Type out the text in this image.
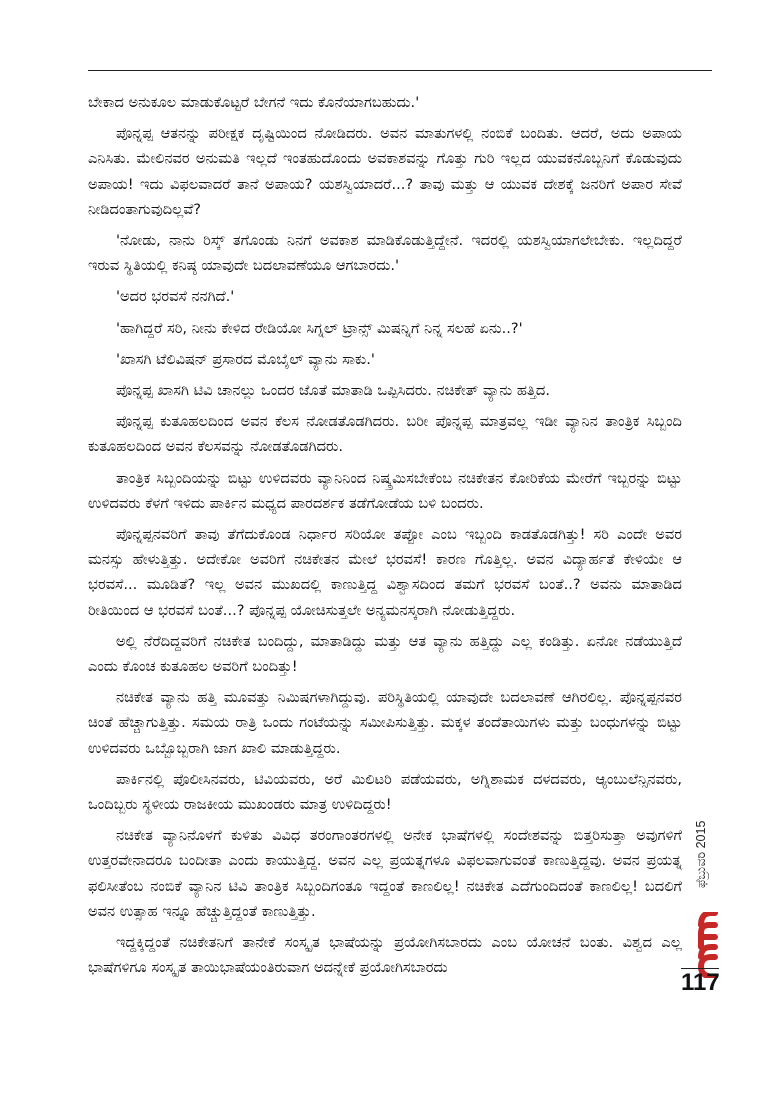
ಬೇಕಾದ ಅನುಕೂಲ ಮಾಡುಕೊಟ್ಟರೆ ಬೇಗನೆ ಇದು ಕೊನೆಯಾಗಬಹುದು.'

ಪೊನ್ನಪ್ಪ ಆತನನ್ನು ಪರೀಕ್ಷಕ ದೃಷ್ಟಿಯಿಂದ ನೋಡಿದರು. ಅವನ ಮಾತುಗಳಲ್ಲಿ ನಂಬಿಕೆ ಬಂದಿತು. ಆದರೆ, ಅದು ಅಪಾಯ ಎನಿಸಿತು. ಮೇಲಿನವರ ಅನುಮತಿ ಇಲ್ಲದೆ ಇಂತಹುದೊಂದು ಅವಕಾಶವನ್ನು ಗೊತ್ತು ಗುರಿ ಇಲ್ಲದ ಯುವಕನೊಬ್ಬನಿಗೆ ಕೊಡುವುದು ಅಪಾಯ! ಇದು ವಿಫಲವಾದರೆ ತಾನೆ ಅಪಾಯ? ಯಶಸ್ವಿಯಾದರೆ...? ತಾವು ಮತ್ತು ಆ ಯುವಕ ದೇಶಕ್ಕೆ ಜನರಿಗೆ ಅಪಾರ ಸೇವೆ ನೀಡಿದಂತಾಗುವುದಿಲ್ಲವೆ?

'ನೋಡು, ನಾನು ರಿಸ್ಕ್ ತಗೊಂಡು ನಿನಗೆ ಅವಕಾಶ ಮಾಡಿಕೊಡುತ್ತಿದ್ದೇನೆ. ಇದರಲ್ಲಿ ಯಶಸ್ವಿಯಾಗಲೇಬೇಕು. ಇಲ್ಲದಿದ್ದರೆ ಇರುವ ಸ್ಥಿತಿಯಲ್ಲಿ ಕನಿಷ್ಠ ಯಾವುದೇ ಬದಲಾವಣೆಯೂ ಆಗಬಾರದು.'

'ಅದರ ಭರವಸೆ ನನಗಿದೆ.'

'ಹಾಗಿದ್ದರೆ ಸರಿ, ನೀನು ಕೇಳಿದ ರೇಡಿಯೋ ಸಿಗ್ನಲ್ ಟ್ರಾನ್ಸ್ ಮಿಷನ್ನಿಗೆ ನಿನ್ನ ಸಲಹೆ ಏನು..?'

'ಖಾಸಗಿ ಟೆಲಿವಿಷನ್ ಪ್ರಸಾರದ ಮೊಬೈಲ್ ವ್ಯಾನು ಸಾಕು.'

ಪೊನ್ನಪ್ಪ ಖಾಸಗಿ ಟಿವಿ ಚಾನಲ್ಲು ಒಂದರ ಜೊತೆ ಮಾತಾಡಿ ಒಪ್ಪಿಸಿದರು. ನಚಿಕೇತ್ ವ್ಯಾನು ಹತ್ತಿದ.

ಪೊನ್ನಪ್ಪ ಕುತೂಹಲದಿಂದ ಅವನ ಕೆಲಸ ನೋಡತೊಡಗಿದರು. ಬರೀ ಪೊನ್ನಪ್ಪ ಮಾತ್ರವಲ್ಲ ಇಡೀ ವ್ಯಾನಿನ ತಾಂತ್ರಿಕ ಸಿಬ್ಬಂದಿ ಕುತೂಹಲದಿಂದ ಅವನ ಕೆಲಸವನ್ನು ನೋಡತೊಡಗಿದರು.

ತಾಂತ್ರಿಕ ಸಿಬ್ಬಂದಿಯನ್ನು ಬಿಟ್ಟು ಉಳಿದವರು ವ್ಯಾನಿನಿಂದ ನಿಷ್ಕ್ರಮಿಸಬೇಕೆಂಬ ನಚಿಕೇತನ ಕೋರಿಕೆಯ ಮೇರೆಗೆ ಇಬ್ಬರನ್ನು ಬಿಟ್ಟು ಉಳಿದವರು ಕೆಳಗೆ ಇಳಿದು ಪಾರ್ಕಿನ ಮಧ್ಯದ ಪಾರದರ್ಶಕ ತಡೆಗೋಡೆಯ ಬಳಿ ಬಂದರು.

ಪೊನ್ನಪ್ಪನವರಿಗೆ ತಾವು ತೆಗೆದುಕೊಂಡ ನಿರ್ಧಾರ ಸರಿಯೋ ತಪ್ಪೋ ಎಂಬ ಇಬ್ಬಂದಿ ಕಾಡತೊಡಗಿತ್ತು! ಸರಿ ಎಂದೇ ಅವರ ಮನಸ್ಸು ಹೇಳುತ್ತಿತ್ತು. ಅದೇಕೋ ಅವರಿಗೆ ನಚಿಕೇತನ ಮೇಲೆ ಭರವಸೆ! ಕಾರಣ ಗೊತ್ತಿಲ್ಲ. ಅವನ ವಿದ್ಯಾರ್ಹತೆ ಕೇಳಿಯೇ ಆ ಭರವಸೆ... ಮೂಡಿತೆ? ಇಲ್ಲ ಅವನ ಮುಖದಲ್ಲಿ ಕಾಣುತ್ತಿದ್ದ ವಿಶ್ವಾಸದಿಂದ ತಮಗೆ ಭರವಸೆ ಬಂತೆ..? ಅವನು ಮಾತಾಡಿದ ರೀತಿಯಿಂದ ಆ ಭರವಸೆ ಬಂತೆ...? ಪೊನ್ನಪ್ಪ ಯೋಚಿಸುತ್ತಲೇ ಅನ್ಯಮನಸ್ಕರಾಗಿ ನೋಡುತ್ತಿದ್ದರು.

ಅಲ್ಲಿ ನೆರೆದಿದ್ದವರಿಗೆ ನಚಿಕೇತ ಬಂದಿದ್ದು, ಮಾತಾಡಿದ್ದು ಮತ್ತು ಆತ ವ್ಯಾನು ಹತ್ತಿದ್ದು ಎಲ್ಲ ಕಂಡಿತ್ತು. ಏನೋ ನಡೆಯುತ್ತಿದೆ ಎಂದು ಕೊಂಚ ಕುತೂಹಲ ಅವರಿಗೆ ಬಂದಿತ್ತು!

ನಚಿಕೇತ ವ್ಯಾನು ಹತ್ತಿ ಮೂವತ್ತು ನಿಮಿಷಗಳಾಗಿದ್ದುವು. ಪರಿಸ್ಥಿತಿಯಲ್ಲಿ ಯಾವುದೇ ಬದಲಾವಣೆ ಆಗಿರಲಿಲ್ಲ. ಪೊನ್ನಪ್ಪನವರ ಚಿಂತೆ ಹೆಚ್ಚಾಗುತ್ತಿತ್ತು. ಸಮಯ ರಾತ್ರಿ ಒಂದು ಗಂಟೆಯನ್ನು ಸಮೀಪಿಸುತ್ತಿತ್ತು. ಮಕ್ಕಳ ತಂದೆತಾಯಿಗಳು ಮತ್ತು ಬಂಧುಗಳನ್ನು ಬಿಟ್ಟು ಉಳಿದವರು ಒಬ್ಬೊಬ್ಬರಾಗಿ ಜಾಗ ಖಾಲಿ ಮಾಡುತ್ತಿದ್ದರು.

ಪಾರ್ಕಿನಲ್ಲಿ ಪೊಲೀಸಿನವರು, ಟಿವಿಯವರು, ಅರೆ ಮಿಲಿಟರಿ ಪಡೆಯವರು, ಅಗ್ನಿಶಾಮಕ ದಳದವರು, ಆ್ಯಂಬುಲೆನ್ಸಿನವರು, ಒಂದಿಬ್ಬರು ಸ್ಥಳೀಯ ರಾಜಕೀಯ ಮುಖಂಡರು ಮಾತ್ರ ಉಳಿದಿದ್ದರು!

ನಚಿಕೇತ ವ್ಯಾನಿನೊಳಗೆ ಕುಳಿತು ವಿವಿಧ ತರಂಗಾಂತರಗಳಲ್ಲಿ ಅನೇಕ ಭಾಷೆಗಳಲ್ಲಿ ಸಂದೇಶವನ್ನು ಬಿತ್ತರಿಸುತ್ತಾ ಅವುಗಳಿಗೆ ಉತ್ತರವೇನಾದರೂ ಬಂದೀತಾ ಎಂದು ಕಾಯುತ್ತಿದ್ದ. ಅವನ ಎಲ್ಲ ಪ್ರಯತ್ನಗಳೂ ವಿಫಲವಾಗುವಂತೆ ಕಾಣುತ್ತಿದ್ದವು. ಅವನ ಪ್ರಯತ್ನ ಫಲಿಸೀತೆಂಬ ನಂಬಿಕೆ ವ್ಯಾನಿನ ಟಿವಿ ತಾಂತ್ರಿಕ ಸಿಬ್ಬಂದಿಗಂತೂ ಇದ್ದಂತೆ ಕಾಣಲಿಲ್ಲ! ನಚಿಕೇತ ಎದೆಗುಂದಿದಂತೆ ಕಾಣಲಿಲ್ಲ! ಬದಲಿಗೆ ಅವನ ಉತ್ಸಾಹ ಇನ್ನೂ ಹೆಚ್ಚುತ್ತಿದ್ದಂತೆ ಕಾಣುತ್ತಿತ್ತು.

ಇದ್ದಕ್ಕಿದ್ದಂತೆ ನಚಿಕೇತನಿಗೆ ತಾನೇಕೆ ಸಂಸ್ಕೃತ ಭಾಷೆಯನ್ನು ಪ್ರಯೋಗಿಸಬಾರದು ಎಂಬ ಯೋಚನೆ ಬಂತು. ವಿಶ್ವದ ಎಲ್ಲ ಭಾಷೆಗಳಿಗೂ ಸಂಸ್ಕೃತ ತಾಯಿಭಾಷೆಯಂತಿರುವಾಗ ಅದನ್ನೇಕೆ ಪ್ರಯೋಗಿಸಬಾರದು

ಫೆಬ್ರುವರಿ 2015
117
